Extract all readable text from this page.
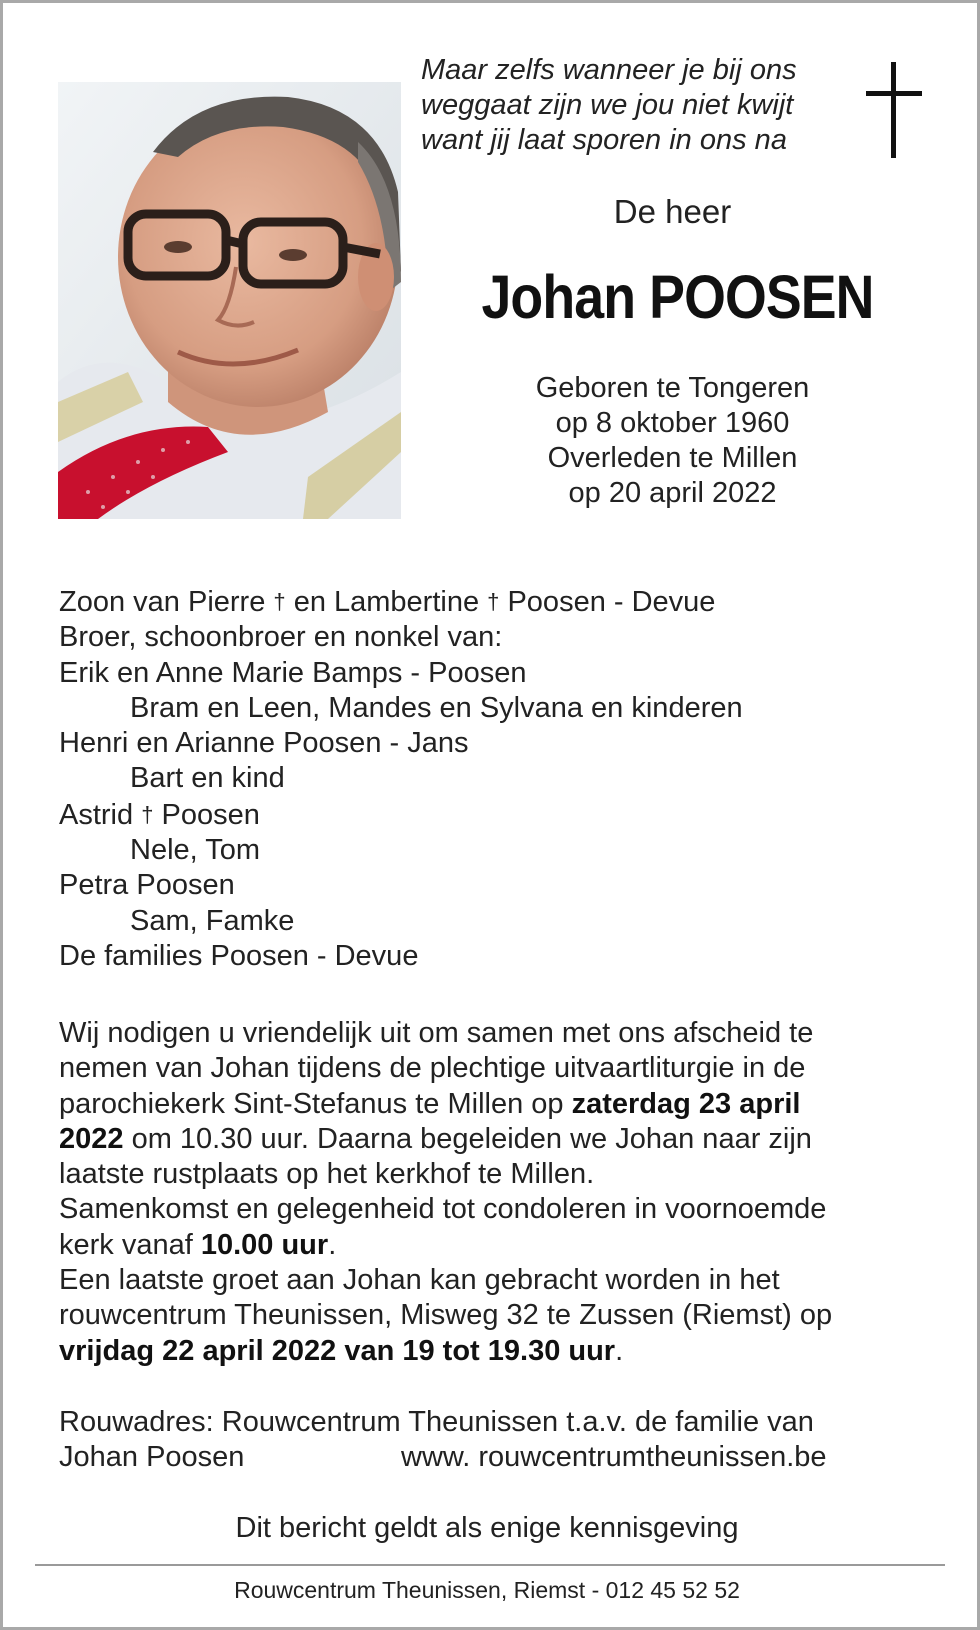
Maar zelfs wanneer je bij ons
weggaat zijn we jou niet kwijt
want jij laat sporen in ons na
De heer
Johan POOSEN
Geboren te Tongeren
op 8 oktober 1960
Overleden te Millen
op 20 april 2022
Zoon van Pierre † en Lambertine † Poosen - Devue
Broer, schoonbroer en nonkel van:
Erik en Anne Marie Bamps - Poosen
Bram en Leen, Mandes en Sylvana en kinderen
Henri en Arianne Poosen - Jans
Bart en kind
Astrid † Poosen
Nele, Tom
Petra Poosen
Sam, Famke
De families Poosen - Devue
Wij nodigen u vriendelijk uit om samen met ons afscheid te
nemen van Johan tijdens de plechtige uitvaartliturgie in de
parochiekerk Sint-Stefanus te Millen op zaterdag 23 april
2022 om 10.30 uur. Daarna begeleiden we Johan naar zijn
laatste rustplaats op het kerkhof te Millen.
Samenkomst en gelegenheid tot condoleren in voornoemde
kerk vanaf 10.00 uur.
Een laatste groet aan Johan kan gebracht worden in het
rouwcentrum Theunissen, Misweg 32 te Zussen (Riemst) op
vrijdag 22 april 2022 van 19 tot 19.30 uur.
Rouwadres: Rouwcentrum Theunissen t.a.v. de familie van
Johan Poosen	www. rouwcentrumtheunissen.be
Dit bericht geldt als enige kennisgeving
Rouwcentrum Theunissen, Riemst - 012 45 52 52
